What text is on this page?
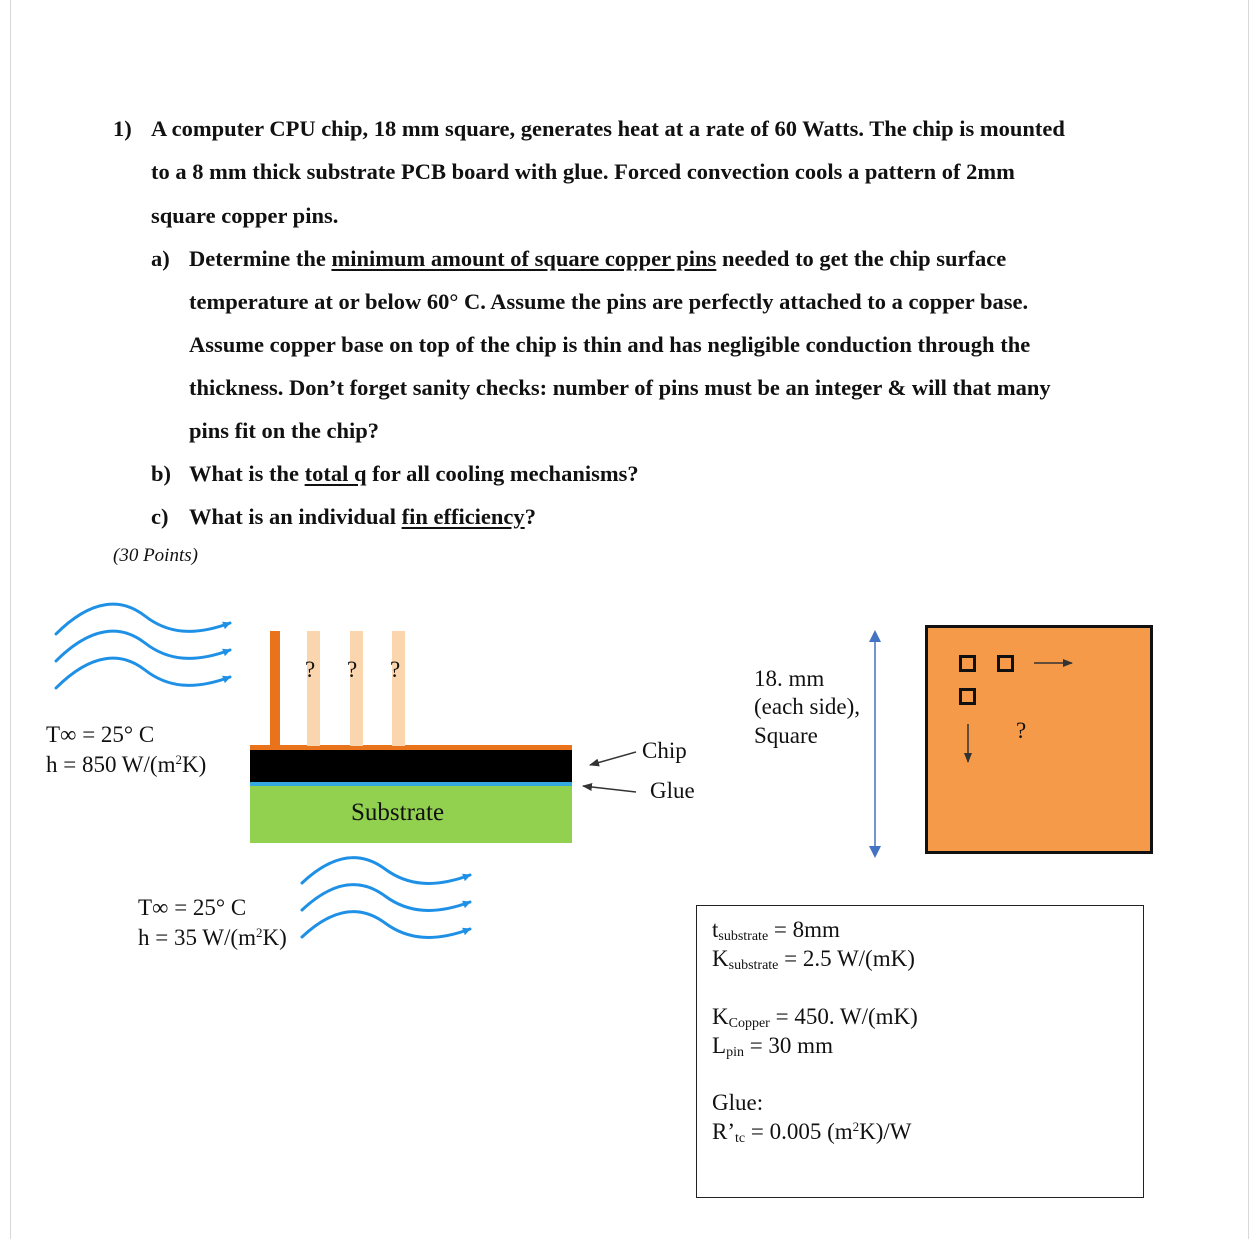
1) A computer CPU chip, 18 mm square, generates heat at a rate of 60 Watts. The chip is mounted
to a 8 mm thick substrate PCB board with glue. Forced convection cools a pattern of 2mm
square copper pins.
a) Determine the minimum amount of square copper pins needed to get the chip surface
temperature at or below 60° C. Assume the pins are perfectly attached to a copper base.
Assume copper base on top of the chip is thin and has negligible conduction through the
thickness. Don’t forget sanity checks: number of pins must be an integer & will that many
pins fit on the chip?
b) What is the total q for all cooling mechanisms?
c) What is an individual fin efficiency?
(30 Points)
? ? ?
Substrate
Chip
Glue
T∞ = 25° C
h = 850 $W/(m^2K)$
T∞ = 25° C
h = 35 $W/(m^2K)$
18. mm
(each side),
Square	?
tsubstrate = 8mm
Ksubstrate = 2.5 W/(mK)
KCopper = 450. W/(mK)
Lpin = 30 mm
Glue:
R’tc = 0.005 $(m^2K)/W$
